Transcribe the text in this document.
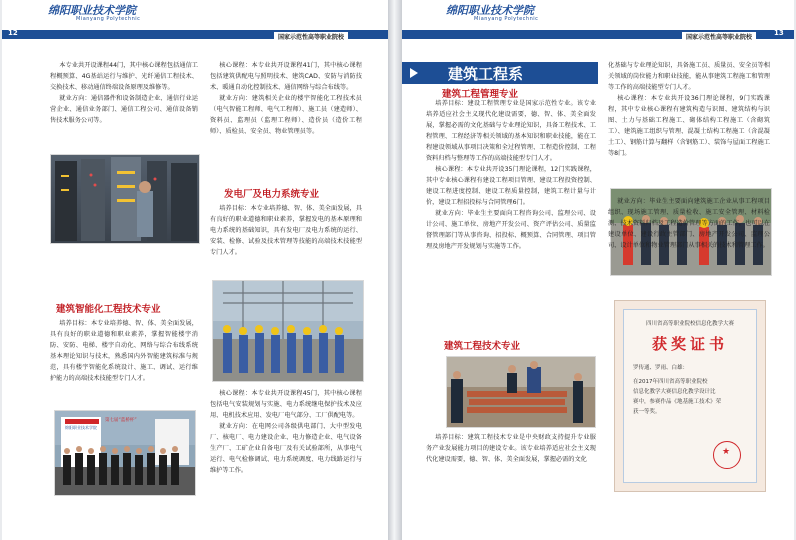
绵阳职业技术学院
Mianyang Polytechnic
12
国家示范性高等职业院校

本专业共开设课程44门，其中核心课程包括通信工程概预算、4G基站运行与维护、光纤通信工程技术、交换技术、移动通信终端设备原理及维修等。

就业方向：通信器件和设备制造企业、通信行业运营企业、通信业务部门、通信工程公司、通信设备销售技术服务公司等。

建筑智能化工程技术专业

培养目标：本专业培养德、智、体、美全面发展，具有良好的职业道德和职业素养，掌握智能楼宇消防、安防、电梯、楼宇自动化、网络与综合布线系统基本理论知识与技术，熟悉国内外智能建筑标准与规范，具有楼宇智能化系统设计、施工、调试、运行维护能力的高端技术技能型专门人才。

第七届“蓝桥杯”
绵阳职业技术学院

核心课程：本专业共开设课程41门，其中核心课程包括建筑供配电与照明技术、建筑CAD、安防与消防技术、暖通自动化控制技术、通信网络与综合布线等。

就业方向：建筑相关企业的楼宇智能化工程技术员（电气智能工程师、电气工程师）、施工员（建造师）、资料员、监理员（监理工程师）、造价员（造价工程师）、质检员、安全员、物业管理员等。

发电厂及电力系统专业

培养目标：本专业培养德、智、体、美全面发展，具有良好的职业道德和职业素养，掌握发电的基本原理和电力系统的基础知识，具有发电厂及电力系统的运行、安装、检修、试验及技术管理等技能的高端技术技能型专门人才。

核心课程：本专业共开设课程45门，其中核心课程包括电气安装规划与实施、电力系统继电保护技术及应用、电机技术应用、发电厂电气部分、工厂供配电等。

就业方向：在电网公司各级供电部门、大中型发电厂、核电厂、电力建设企业、电力修造企业、电气设备生产厂、工矿企业自备电厂及有关试验部所，从事电气运行、电气检修调试、电力系统调度、电力线路运行与维护等工作。

绵阳职业技术学院
Mianyang Polytechnic
国家示范性高等职业院校
13
建筑工程系
建筑工程管理专业

培养目标：建设工程管理专业是国家示范性专业。该专业培养适应社会主义现代化建设需要，德、智、体、美全面发展，掌握必需的文化基础与专业理论知识，具备工程技术、工程管理、工程经济等相关领域的基本知识和职业技能，能在工程建设领域从事项目决策和全过程管理、工程造价控制、工程资料归档与整理等工作的高端技能型专门人才。

核心课程：本专业共开设35门理论课程，12门实践课程，其中专业核心课程有建设工程项目管理、建设工程投资控制、建设工程进度控制、建设工程质量控制，建筑工程计量与计价，建设工程招投标与合同管理6门。

就业方向：毕业生主要面向工程咨询公司、监理公司、设计公司、施工单位、房地产开发公司、资产评估公司、质量监督管理部门等从事咨询、招投标、概预算、合同管理、项目管理及房地产开发规划与实施等工作。

建筑工程技术专业

培养目标：建筑工程技术专业是中央财政支持提升专业服务产业发展能力项目的建设专业。该专业培养适应社会主义现代化建设需要，德、智、体、美全面发展，掌握必需的文化

化基础与专业理论知识，具备施工员、质量员、安全员等相关领域的岗位能力和职业技能，能从事建筑工程施工和管理等工作的高端技能型专门人才。

核心课程：本专业共开设36门理论课程，9门实践课程，其中专业核心课程有建筑构造与识图、建筑结构与识图、土力与基础工程施工、砌体结构工程施工（含砌筑工）、建筑施工组织与管理、混凝土结构工程施工（含混凝土工）、钢筋计算与翻样（含钢筋工）、装饰与屋面工程施工等8门。

就业方向：毕业生主要面向建筑施工企业从事工程项目组织、现场施工管理、质量检收、施工安全管理、材料检测、技术资料归档及工程造价管理等方面的工作，也可以在建设单位、建设行政主管部门、房地产开发公司、监理公司、设计单位和物业管理部门从事相关的技术和管理工作。

四川省高等职业院校信息化教学大赛
获奖证书
罗传通、罗雨、白雄：
在2017年四川省高等职业院校
信息化教学大赛信息化教学设计比
赛中，参赛作品《地基施工技术》荣
获一等奖。
★
